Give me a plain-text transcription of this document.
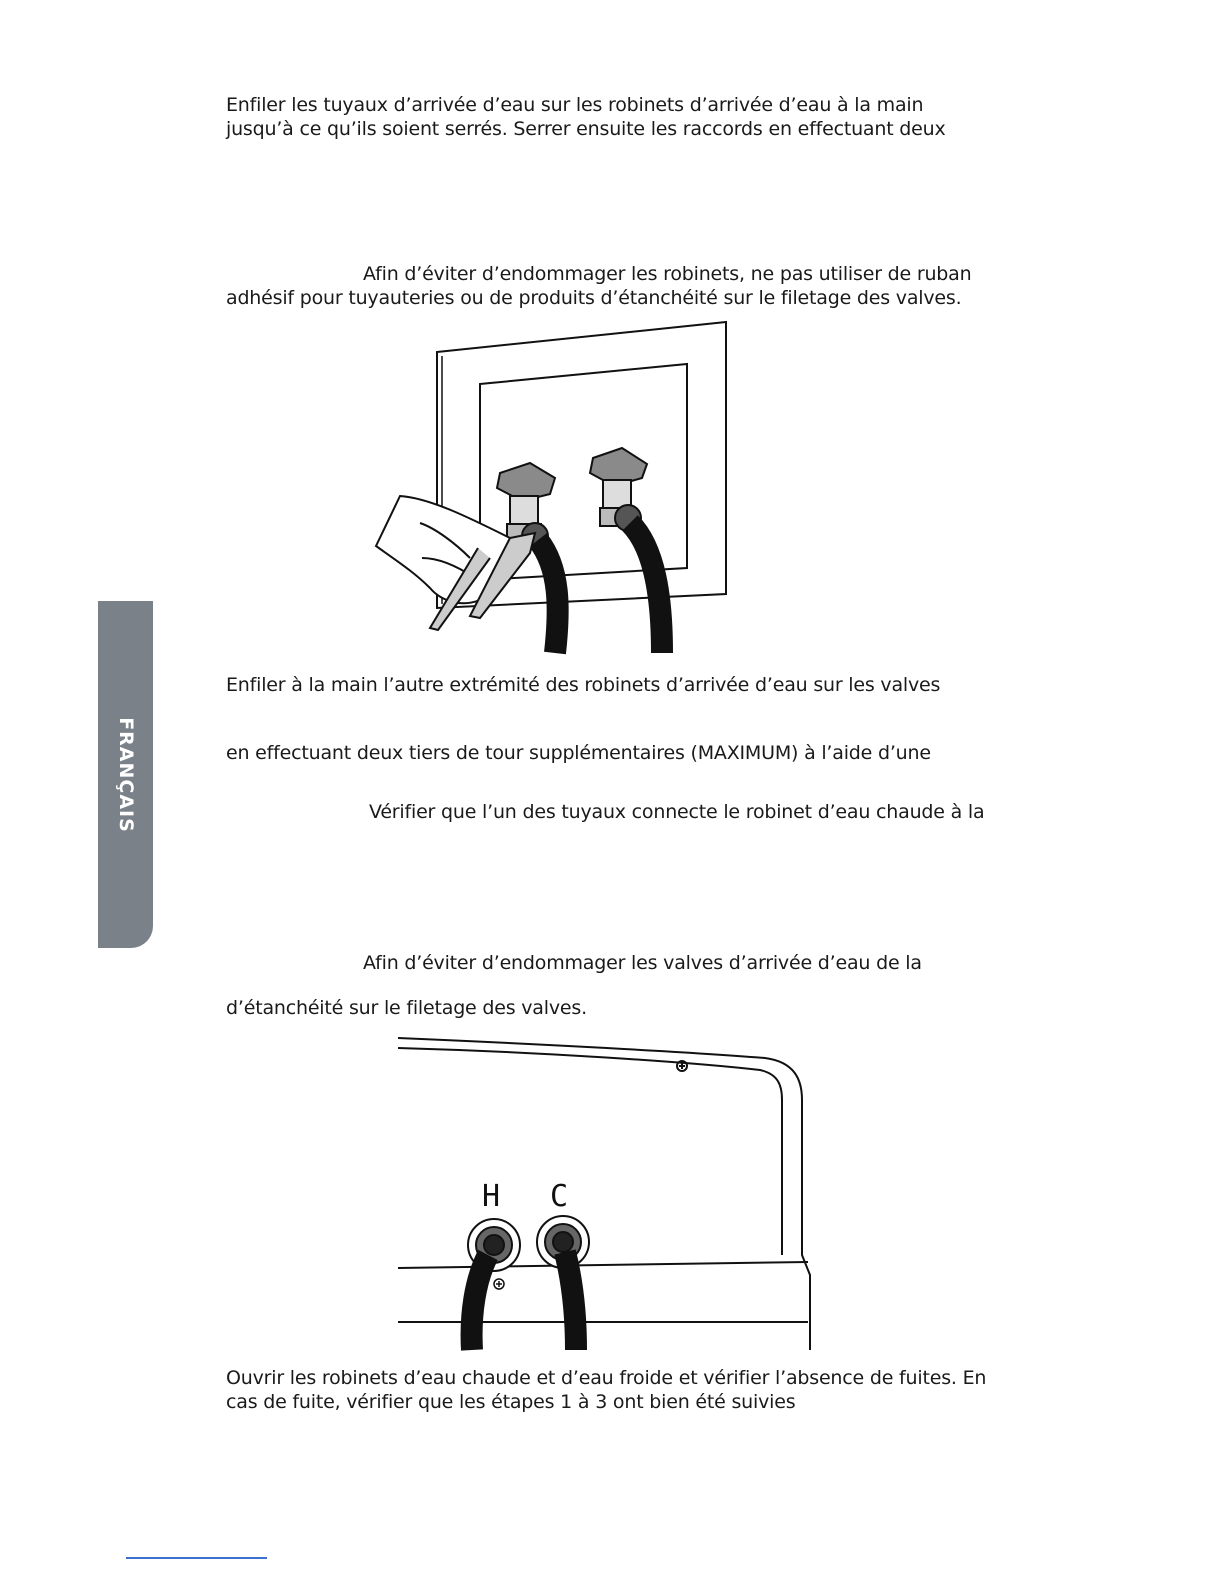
Enfiler les tuyaux d’arrivée d’eau sur les robinets d’arrivée d’eau à la main

jusqu’à ce qu’ils soient serrés. Serrer ensuite les raccords en effectuant deux

Afin d’éviter d’endommager les robinets, ne pas utiliser de ruban

adhésif pour tuyauteries ou de produits d’étanchéité sur le filetage des valves.

FRANÇAIS

Enfiler à la main l’autre extrémité des robinets d’arrivée d’eau sur les valves

en effectuant deux tiers de tour supplémentaires (MAXIMUM) à l’aide d’une

Vérifier que l’un des tuyaux connecte le robinet d’eau chaude à la

Afin d’éviter d’endommager les valves d’arrivée d’eau de la

d’étanchéité sur le filetage des valves.

H C

Ouvrir les robinets d’eau chaude et d’eau froide et vérifier l’absence de fuites. En

cas de fuite, vérifier que les étapes 1 à 3 ont bien été suivies
